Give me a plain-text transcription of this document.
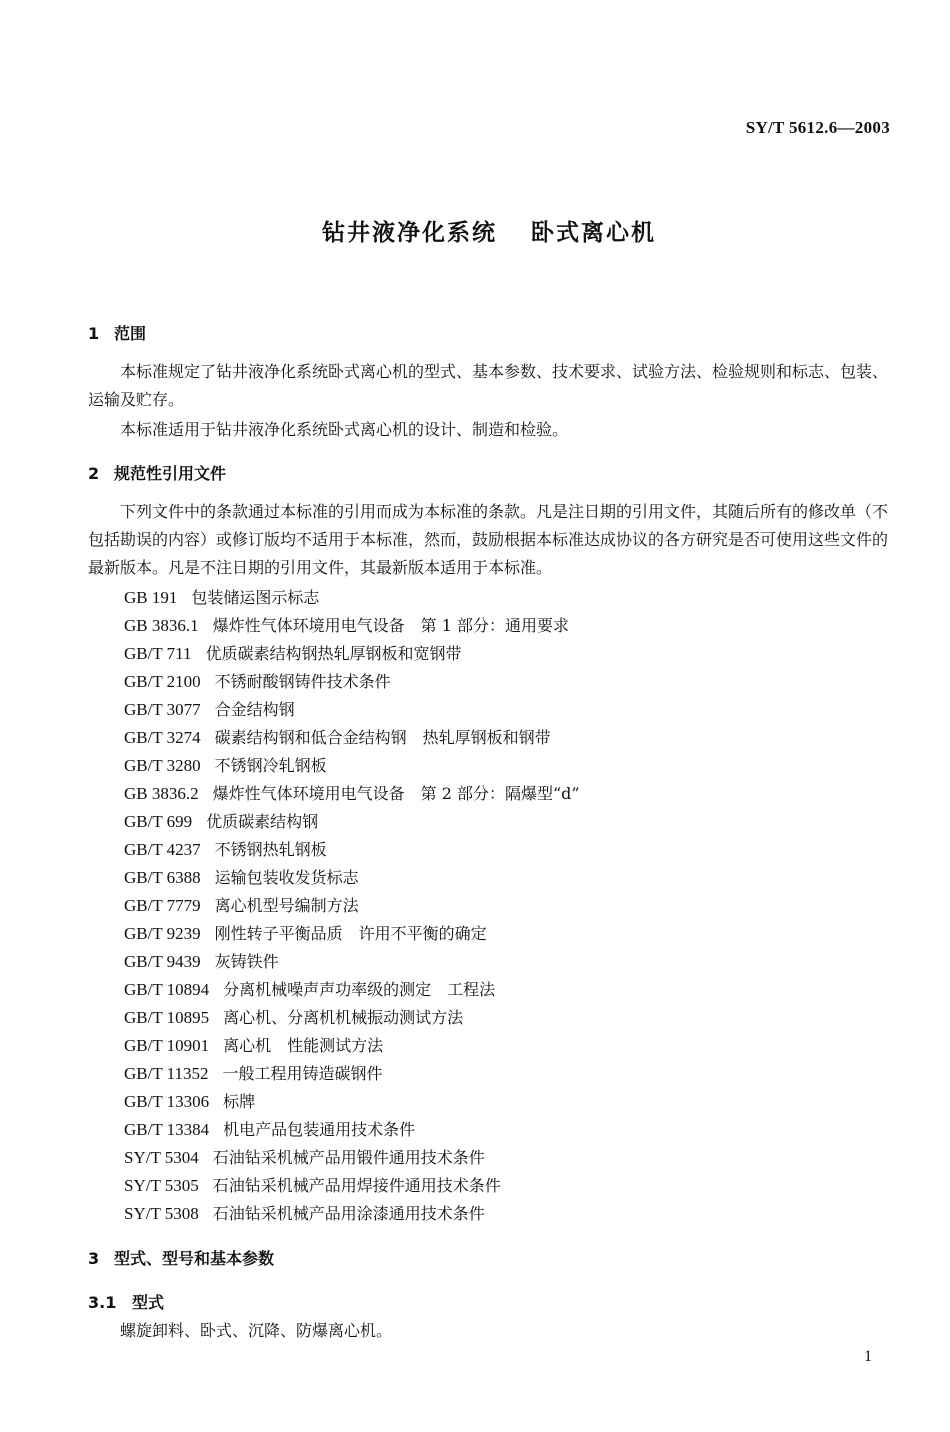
SY/T 5612.6—2003
钻井液净化系统 卧式离心机
1 范围

本标准规定了钻井液净化系统卧式离心机的型式、基本参数、技术要求、试验方法、检验规则和标志、包装、运输及贮存。

本标准适用于钻井液净化系统卧式离心机的设计、制造和检验。

2 规范性引用文件

下列文件中的条款通过本标准的引用而成为本标准的条款。凡是注日期的引用文件，其随后所有的修改单（不包括勘误的内容）或修订版均不适用于本标准，然而，鼓励根据本标准达成协议的各方研究是否可使用这些文件的最新版本。凡是不注日期的引用文件，其最新版本适用于本标准。

GB 191 包装储运图示标志
GB 3836.1 爆炸性气体环境用电气设备　第 1 部分：通用要求
GB/T 711 优质碳素结构钢热轧厚钢板和宽钢带
GB/T 2100 不锈耐酸钢铸件技术条件
GB/T 3077 合金结构钢
GB/T 3274 碳素结构钢和低合金结构钢　热轧厚钢板和钢带
GB/T 3280 不锈钢冷轧钢板
GB 3836.2 爆炸性气体环境用电气设备　第 2 部分：隔爆型“d”
GB/T 699 优质碳素结构钢
GB/T 4237 不锈钢热轧钢板
GB/T 6388 运输包装收发货标志
GB/T 7779 离心机型号编制方法
GB/T 9239 刚性转子平衡品质　许用不平衡的确定
GB/T 9439 灰铸铁件
GB/T 10894 分离机械噪声声功率级的测定　工程法
GB/T 10895 离心机、分离机机械振动测试方法
GB/T 10901 离心机　性能测试方法
GB/T 11352 一般工程用铸造碳钢件
GB/T 13306 标牌
GB/T 13384 机电产品包装通用技术条件
SY/T 5304 石油钻采机械产品用锻件通用技术条件
SY/T 5305 石油钻采机械产品用焊接件通用技术条件
SY/T 5308 石油钻采机械产品用涂漆通用技术条件
3 型式、型号和基本参数
3.1 型式

螺旋卸料、卧式、沉降、防爆离心机。

1
